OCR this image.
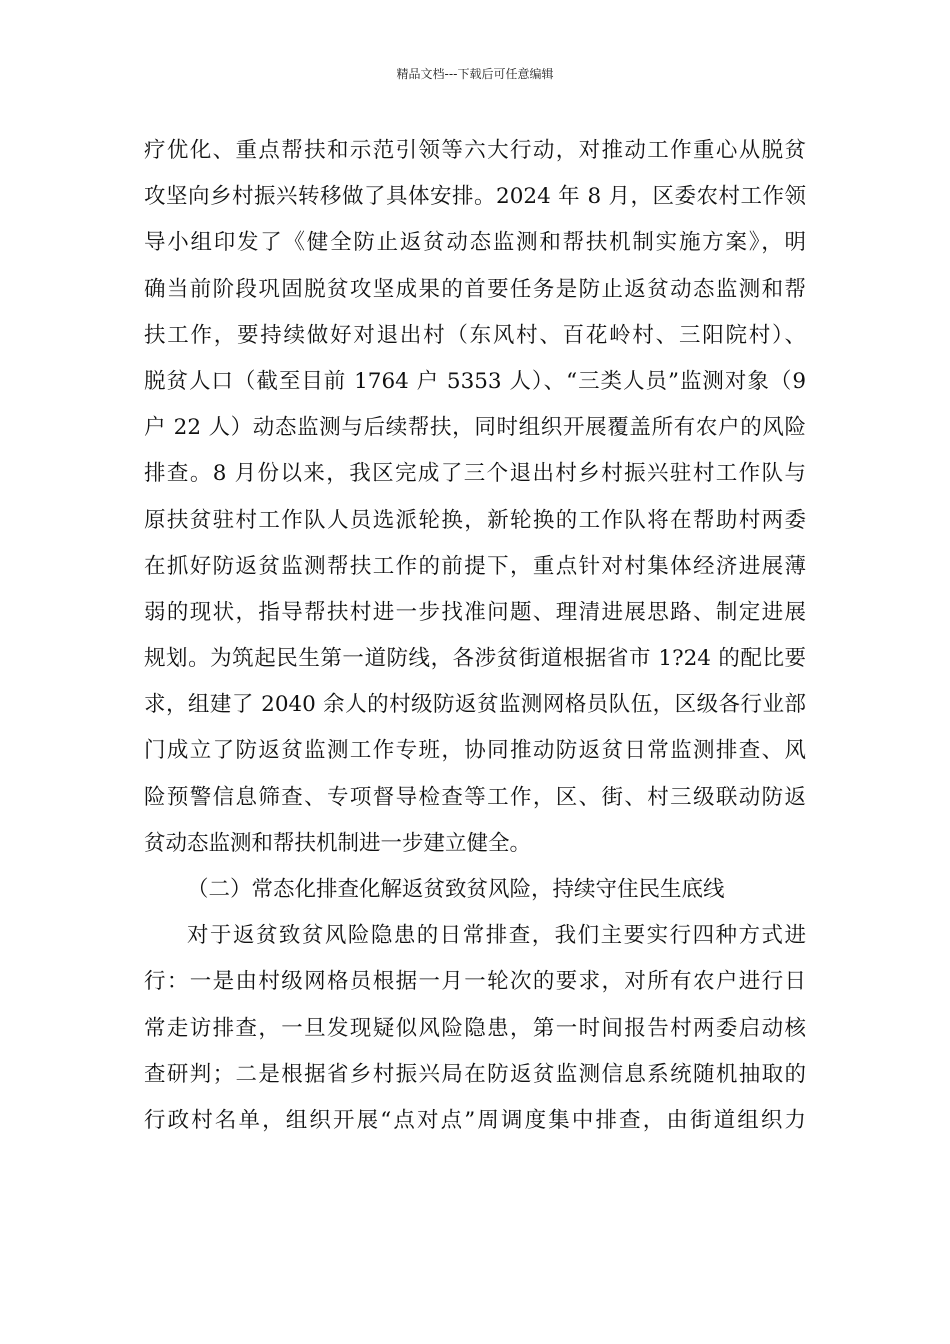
精品文档---下载后可任意编辑
疗优化、重点帮扶和示范引领等六大行动，对推动工作重心从脱贫
攻坚向乡村振兴转移做了具体安排。2024 年 8 月，区委农村工作领
导小组印发了《健全防止返贫动态监测和帮扶机制实施方案》，明
确当前阶段巩固脱贫攻坚成果的首要任务是防止返贫动态监测和帮
扶工作，要持续做好对退出村（东风村、百花岭村、三阳院村）、
脱贫人口（截至目前 1764 户 5353 人）、“三类人员”监测对象（9
户 22 人）动态监测与后续帮扶，同时组织开展覆盖所有农户的风险
排查。8 月份以来，我区完成了三个退出村乡村振兴驻村工作队与
原扶贫驻村工作队人员选派轮换，新轮换的工作队将在帮助村两委
在抓好防返贫监测帮扶工作的前提下，重点针对村集体经济进展薄
弱的现状，指导帮扶村进一步找准问题、理清进展思路、制定进展
规划。为筑起民生第一道防线，各涉贫街道根据省市 1?24 的配比要
求，组建了 2040 余人的村级防返贫监测网格员队伍，区级各行业部
门成立了防返贫监测工作专班，协同推动防返贫日常监测排查、风
险预警信息筛查、专项督导检查等工作，区、街、村三级联动防返
贫动态监测和帮扶机制进一步建立健全。
（二）常态化排查化解返贫致贫风险，持续守住民生底线
对于返贫致贫风险隐患的日常排查，我们主要实行四种方式进
行：一是由村级网格员根据一月一轮次的要求，对所有农户进行日
常走访排查，一旦发现疑似风险隐患，第一时间报告村两委启动核
查研判；二是根据省乡村振兴局在防返贫监测信息系统随机抽取的
行政村名单，组织开展“点对点”周调度集中排查，由街道组织力
